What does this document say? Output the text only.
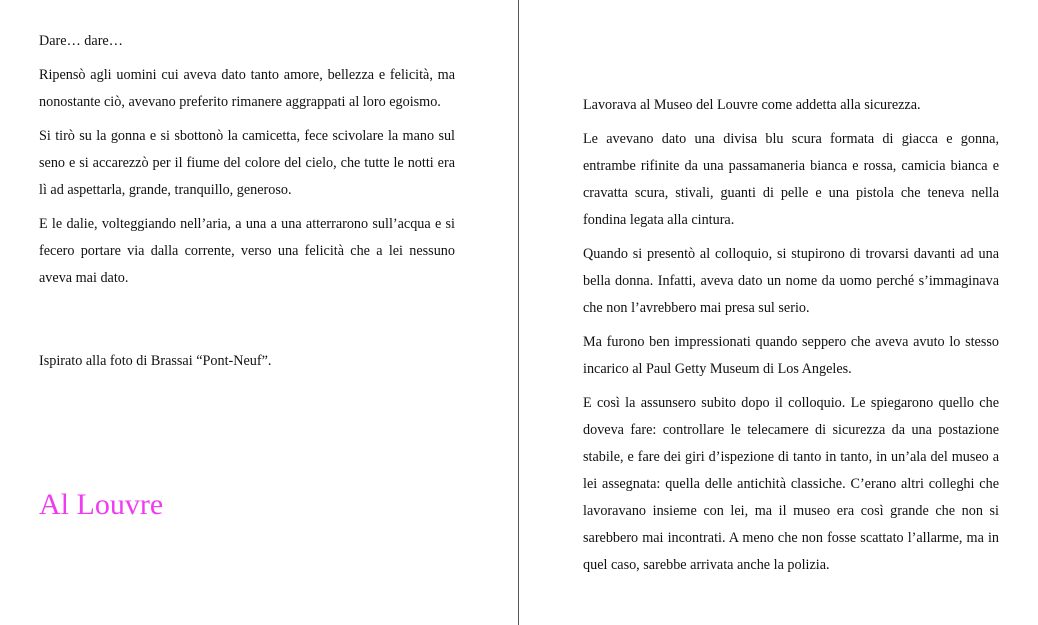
Dare… dare…

Ripensò agli uomini cui aveva dato tanto amore, bellezza e felicità, ma nonostante ciò, avevano preferito rimanere aggrappati al loro egoismo.

Si tirò su la gonna e si sbottonò la camicetta, fece scivolare la mano sul seno e si accarezzò per il fiume del colore del cielo, che tutte le notti era lì ad aspettarla, grande, tranquillo, generoso.

E le dalie, volteggiando nell’aria, a una a una atterrarono sull’acqua e si fecero portare via dalla corrente, verso una felicità che a lei nessuno aveva mai dato.

Ispirato alla foto di Brassai “Pont-Neuf”.
Al Louvre

Lavorava al Museo del Louvre come addetta alla sicurezza.

Le avevano dato una divisa blu scura formata di giacca e gonna, entrambe rifinite da una passamaneria bianca e rossa, camicia bianca e cravatta scura, stivali, guanti di pelle e una pistola che teneva nella fondina legata alla cintura.

Quando si presentò al colloquio, si stupirono di trovarsi davanti ad una bella donna. Infatti, aveva dato un nome da uomo perché s’immaginava che non l’avrebbero mai presa sul serio.

Ma furono ben impressionati quando seppero che aveva avuto lo stesso incarico al Paul Getty Museum di Los Angeles.

E così la assunsero subito dopo il colloquio. Le spiegarono quello che doveva fare: controllare le telecamere di sicurezza da una postazione stabile, e fare dei giri d’ispezione di tanto in tanto, in un’ala del museo a lei assegnata: quella delle antichità classiche. C’erano altri colleghi che lavoravano insieme con lei, ma il museo era così grande che non si sarebbero mai incontrati. A meno che non fosse scattato l’allarme, ma in quel caso, sarebbe arrivata anche la polizia.
